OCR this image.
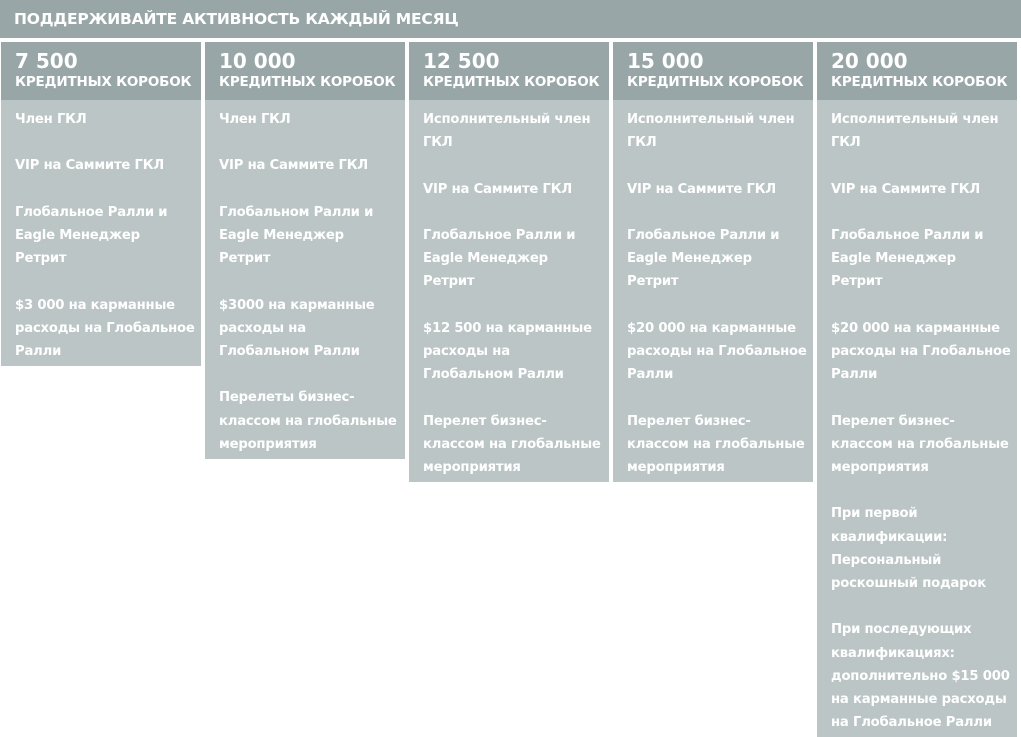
ПОДДЕРЖИВАЙТЕ АКТИВНОСТЬ КАЖДЫЙ МЕСЯЦ
7 500
КРЕДИТНЫХ КОРОБОК
Член ГКЛ
VIP на Саммите ГКЛ
Глобальное Ралли и Eagle Менеджер Ретрит
$3 000 на карманные расходы на Глобальное Ралли
10 000
КРЕДИТНЫХ КОРОБОК
Член ГКЛ
VIP на Саммите ГКЛ
Глобальном Ралли и Eagle Менеджер Ретрит
$3000 на карманные расходы на Глобальном Ралли
Перелеты бизнес-классом на глобальные мероприятия
12 500
КРЕДИТНЫХ КОРОБОК
Исполнительный член ГКЛ
VIP на Саммите ГКЛ
Глобальное Ралли и Eagle Менеджер Ретрит
$12 500 на карманные расходы на Глобальном Ралли
Перелет бизнес-классом на глобальные мероприятия
15 000
КРЕДИТНЫХ КОРОБОК
Исполнительный член ГКЛ
VIP на Саммите ГКЛ
Глобальное Ралли и Eagle Менеджер Ретрит
$20 000 на карманные расходы на Глобальное Ралли
Перелет бизнес-классом на глобальные мероприятия
20 000
КРЕДИТНЫХ КОРОБОК
Исполнительный член ГКЛ
VIP на Саммите ГКЛ
Глобальное Ралли и Eagle Менеджер Ретрит
$20 000 на карманные расходы на Глобальное Ралли
Перелет бизнес-классом на глобальные мероприятия
При первой квалификации: Персональный роскошный подарок
При последующих квалификациях: дополнительно $15 000 на карманные расходы на Глобальное Ралли
